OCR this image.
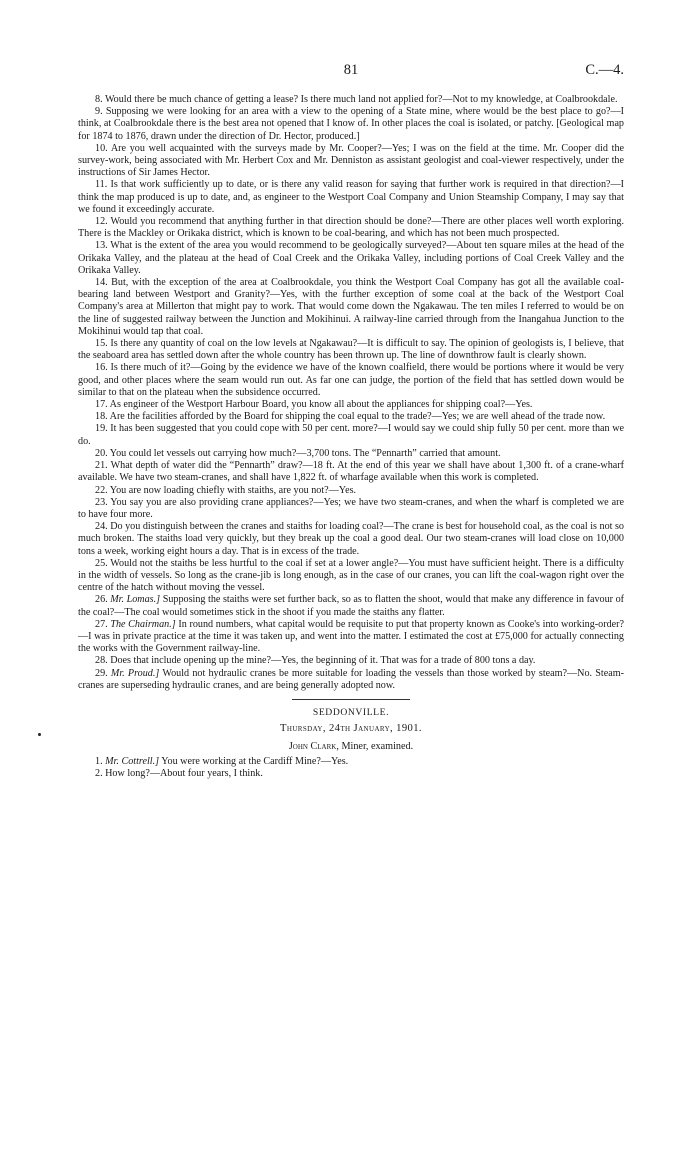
81	C.—4.

8. Would there be much chance of getting a lease? Is there much land not applied for?—Not to my knowledge, at Coalbrookdale.

9. Supposing we were looking for an area with a view to the opening of a State mine, where would be the best place to go?—I think, at Coalbrookdale there is the best area not opened that I know of. In other places the coal is isolated, or patchy. [Geological map for 1874 to 1876, drawn under the direction of Dr. Hector, produced.]

10. Are you well acquainted with the surveys made by Mr. Cooper?—Yes; I was on the field at the time. Mr. Cooper did the survey-work, being associated with Mr. Herbert Cox and Mr. Denniston as assistant geologist and coal-viewer respectively, under the instructions of Sir James Hector.

11. Is that work sufficiently up to date, or is there any valid reason for saying that further work is required in that direction?—I think the map produced is up to date, and, as engineer to the Westport Coal Company and Union Steamship Company, I may say that we found it exceedingly accurate.

12. Would you recommend that anything further in that direction should be done?—There are other places well worth exploring. There is the Mackley or Orikaka district, which is known to be coal-bearing, and which has not been much prospected.

13. What is the extent of the area you would recommend to be geologically surveyed?—About ten square miles at the head of the Orikaka Valley, and the plateau at the head of Coal Creek and the Orikaka Valley, including portions of Coal Creek Valley and the Orikaka Valley.

14. But, with the exception of the area at Coalbrookdale, you think the Westport Coal Company has got all the available coal-bearing land between Westport and Granity?—Yes, with the further exception of some coal at the back of the Westport Coal Company's area at Millerton that might pay to work. That would come down the Ngakawau. The ten miles I referred to would be on the line of suggested railway between the Junction and Mokihinui. A railway-line carried through from the Inangahua Junction to the Mokihinui would tap that coal.

15. Is there any quantity of coal on the low levels at Ngakawau?—It is difficult to say. The opinion of geologists is, I believe, that the seaboard area has settled down after the whole country has been thrown up. The line of downthrow fault is clearly shown.

16. Is there much of it?—Going by the evidence we have of the known coalfield, there would be portions where it would be very good, and other places where the seam would run out. As far one can judge, the portion of the field that has settled down would be similar to that on the plateau when the subsidence occurred.

17. As engineer of the Westport Harbour Board, you know all about the appliances for shipping coal?—Yes.

18. Are the facilities afforded by the Board for shipping the coal equal to the trade?—Yes; we are well ahead of the trade now.

19. It has been suggested that you could cope with 50 per cent. more?—I would say we could ship fully 50 per cent. more than we do.

20. You could let vessels out carrying how much?—3,700 tons. The “Pennarth” carried that amount.

21. What depth of water did the “Pennarth” draw?—18 ft. At the end of this year we shall have about 1,300 ft. of a crane-wharf available. We have two steam-cranes, and shall have 1,822 ft. of wharfage available when this work is completed.

22. You are now loading chiefly with staiths, are you not?—Yes.

23. You say you are also providing crane appliances?—Yes; we have two steam-cranes, and when the wharf is completed we are to have four more.

24. Do you distinguish between the cranes and staiths for loading coal?—The crane is best for household coal, as the coal is not so much broken. The staiths load very quickly, but they break up the coal a good deal. Our two steam-cranes will load close on 10,000 tons a week, working eight hours a day. That is in excess of the trade.

25. Would not the staiths be less hurtful to the coal if set at a lower angle?—You must have sufficient height. There is a difficulty in the width of vessels. So long as the crane-jib is long enough, as in the case of our cranes, you can lift the coal-wagon right over the centre of the hatch without moving the vessel.

26. Mr. Lomas.] Supposing the staiths were set further back, so as to flatten the shoot, would that make any difference in favour of the coal?—The coal would sometimes stick in the shoot if you made the staiths any flatter.

27. The Chairman.] In round numbers, what capital would be requisite to put that property known as Cooke's into working-order?—I was in private practice at the time it was taken up, and went into the matter. I estimated the cost at £75,000 for actually connecting the works with the Government railway-line.

28. Does that include opening up the mine?—Yes, the beginning of it. That was for a trade of 800 tons a day.

29. Mr. Proud.] Would not hydraulic cranes be more suitable for loading the vessels than those worked by steam?—No. Steam-cranes are superseding hydraulic cranes, and are being generally adopted now.

SEDDONVILLE.

Thursday, 24th January, 1901.

John Clark, Miner, examined.

1. Mr. Cottrell.] You were working at the Cardiff Mine?—Yes.

2. How long?—About four years, I think.
